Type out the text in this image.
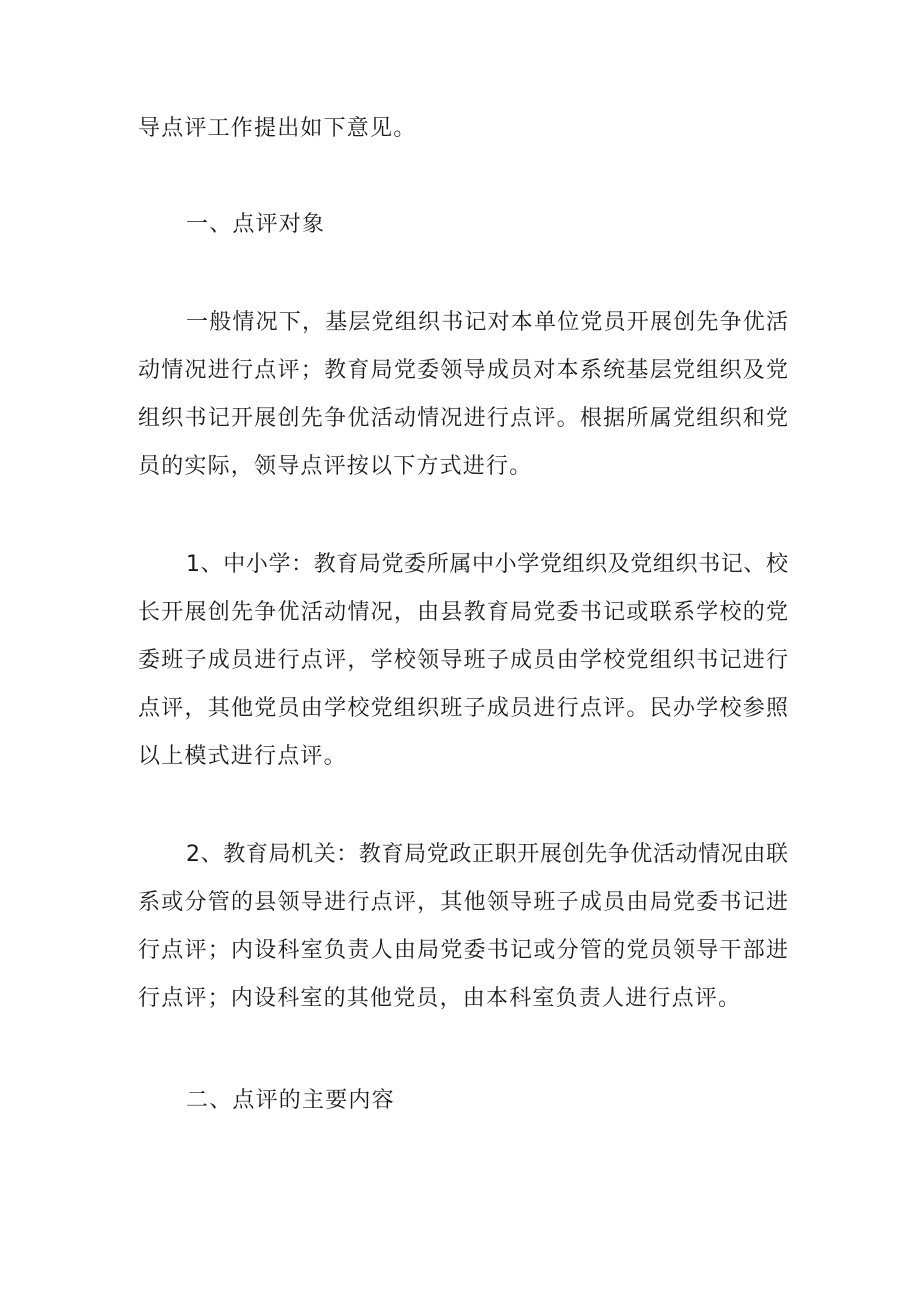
导点评工作提出如下意见。
一、点评对象
一般情况下，基层党组织书记对本单位党员开展创先争优活
动情况进行点评；教育局党委领导成员对本系统基层党组织及党
组织书记开展创先争优活动情况进行点评。根据所属党组织和党
员的实际，领导点评按以下方式进行。
1、中小学：教育局党委所属中小学党组织及党组织书记、校
长开展创先争优活动情况，由县教育局党委书记或联系学校的党
委班子成员进行点评，学校领导班子成员由学校党组织书记进行
点评，其他党员由学校党组织班子成员进行点评。民办学校参照
以上模式进行点评。
2、教育局机关：教育局党政正职开展创先争优活动情况由联
系或分管的县领导进行点评，其他领导班子成员由局党委书记进
行点评；内设科室负责人由局党委书记或分管的党员领导干部进
行点评；内设科室的其他党员，由本科室负责人进行点评。
二、点评的主要内容
